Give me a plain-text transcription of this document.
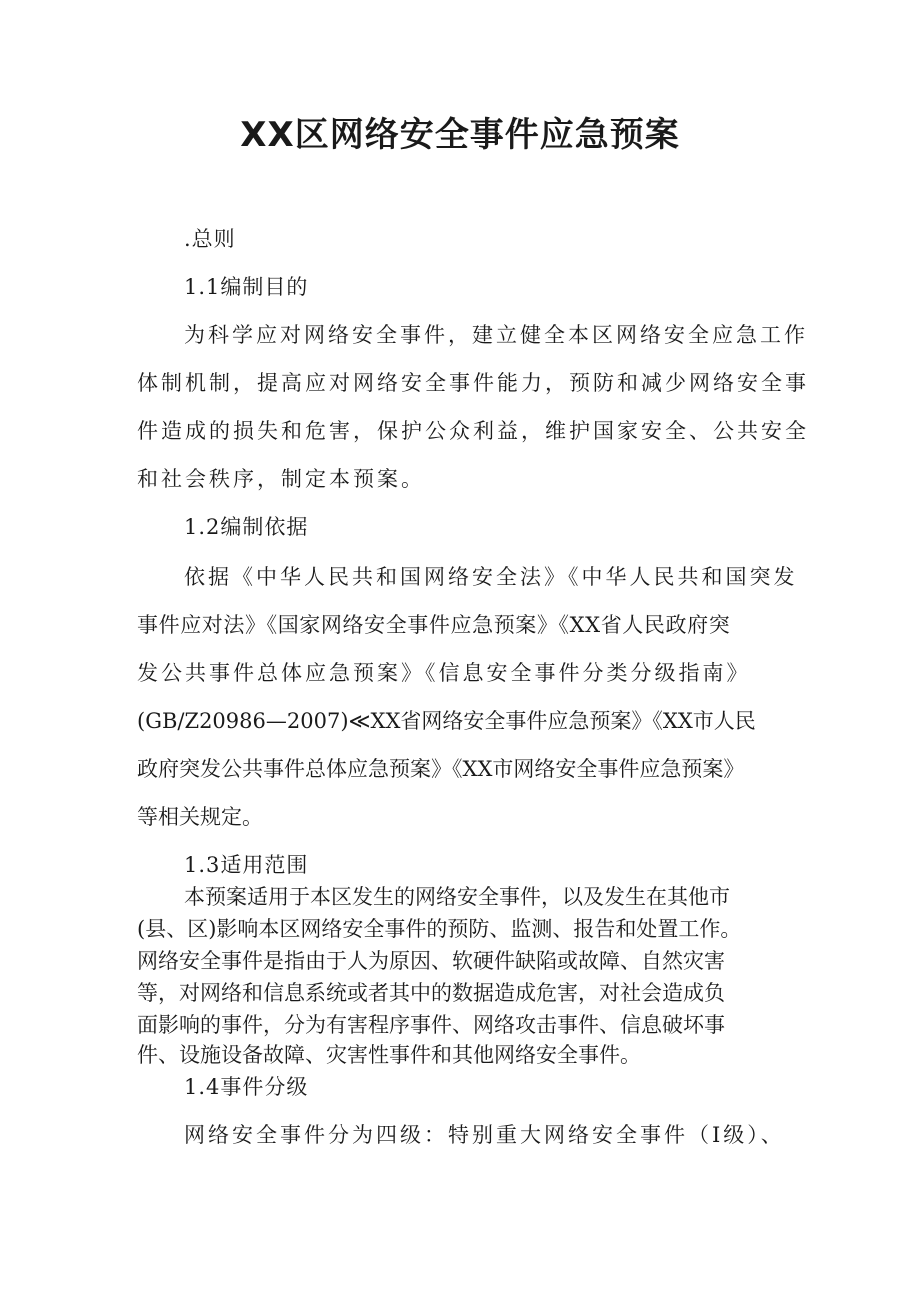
XX区网络安全事件应急预案

.总则

1.1编制目的

为科学应对网络安全事件，建立健全本区网络安全应急工作

体制机制，提高应对网络安全事件能力，预防和减少网络安全事

件造成的损失和危害，保护公众利益，维护国家安全、公共安全

和社会秩序，制定本预案。

1.2编制依据

依据《中华人民共和国网络安全法》《中华人民共和国突发

事件应对法》《国家网络安全事件应急预案》《XX省人民政府突

发公共事件总体应急预案》《信息安全事件分类分级指南》

(GB/Z20986—2007)≪XX省网络安全事件应急预案》《XX市人民

政府突发公共事件总体应急预案》《XX市网络安全事件应急预案》

等相关规定。

1.3适用范围

本预案适用于本区发生的网络安全事件，以及发生在其他市

(县、区)影响本区网络安全事件的预防、监测、报告和处置工作。

网络安全事件是指由于人为原因、软硬件缺陷或故障、自然灾害

等，对网络和信息系统或者其中的数据造成危害，对社会造成负

面影响的事件，分为有害程序事件、网络攻击事件、信息破坏事

件、设施设备故障、灾害性事件和其他网络安全事件。

1.4事件分级

网络安全事件分为四级：特别重大网络安全事件（I级）、
